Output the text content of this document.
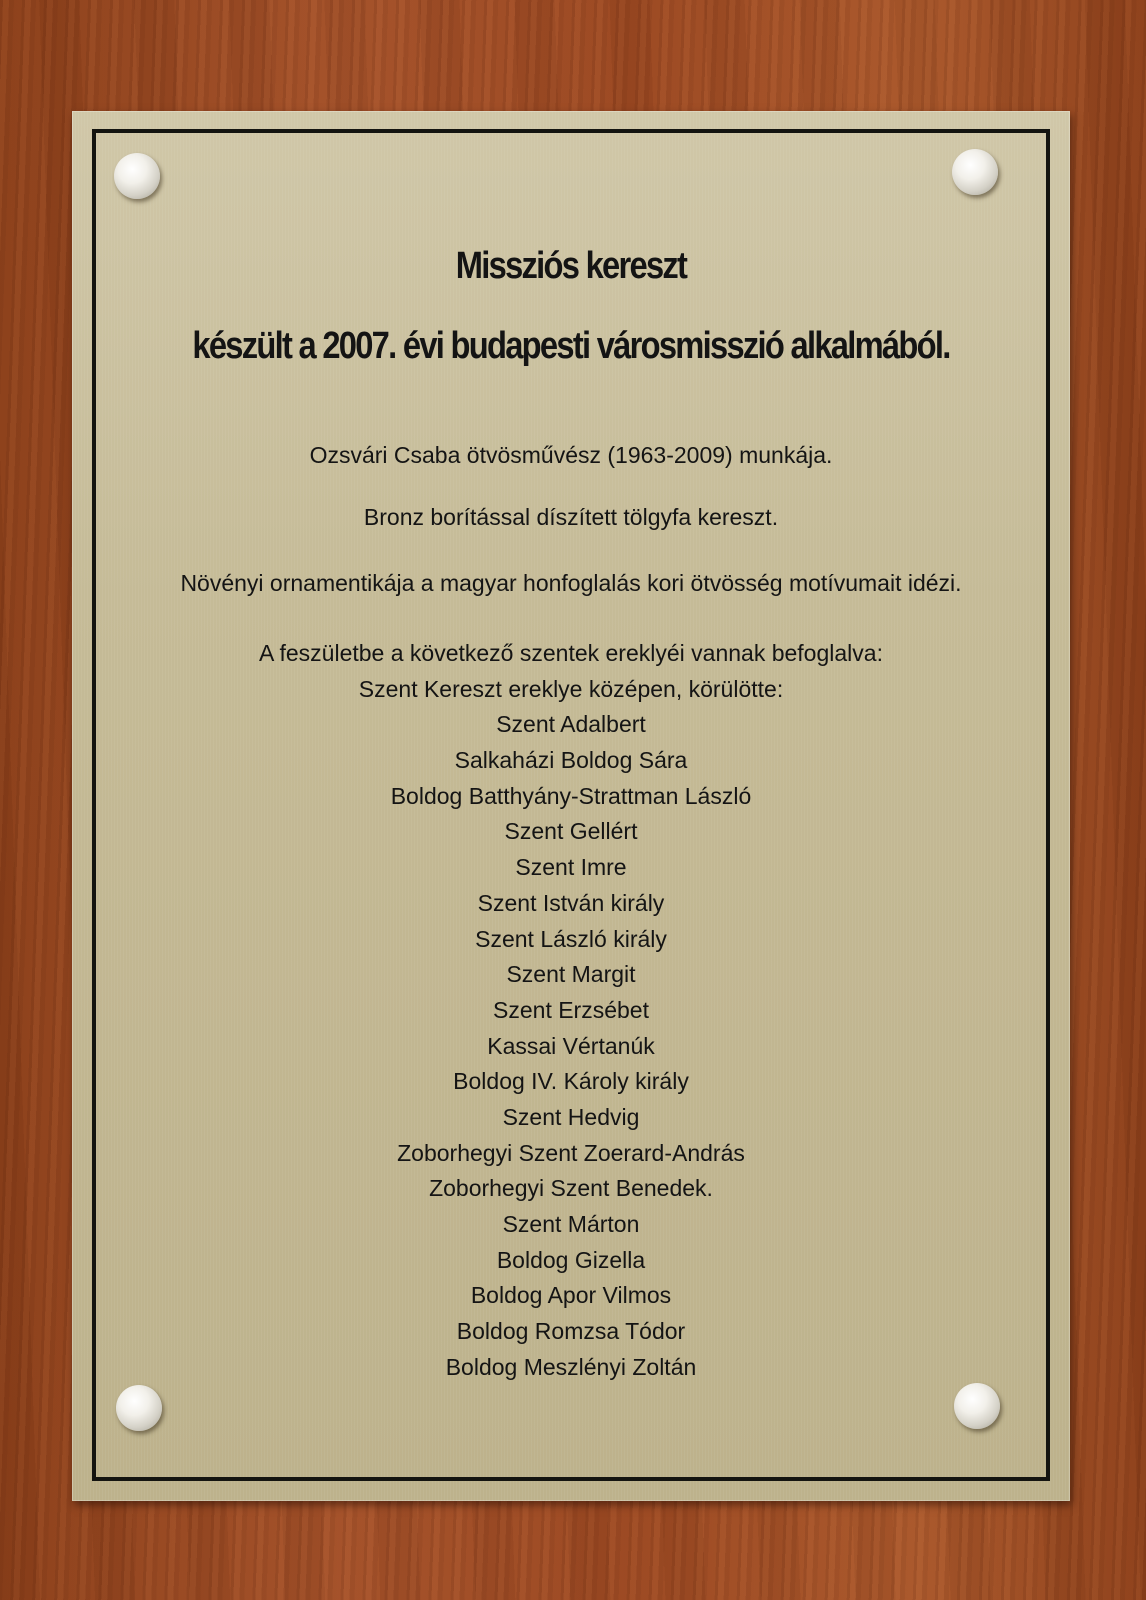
Missziós kereszt
készült a 2007. évi budapesti városmisszió alkalmából.
Ozsvári Csaba ötvösművész (1963-2009) munkája.
Bronz borítással díszített tölgyfa kereszt.
Növényi ornamentikája a magyar honfoglalás kori ötvösség motívumait idézi.
A feszületbe a következő szentek ereklyéi vannak befoglalva:
Szent Kereszt ereklye középen, körülötte:
Szent Adalbert
Salkaházi Boldog Sára
Boldog Batthyány-Strattman László
Szent Gellért
Szent Imre
Szent István király
Szent László király
Szent Margit
Szent Erzsébet
Kassai Vértanúk
Boldog IV. Károly király
Szent Hedvig
Zoborhegyi Szent Zoerard-András
Zoborhegyi Szent Benedek.
Szent Márton
Boldog Gizella
Boldog Apor Vilmos
Boldog Romzsa Tódor
Boldog Meszlényi Zoltán
